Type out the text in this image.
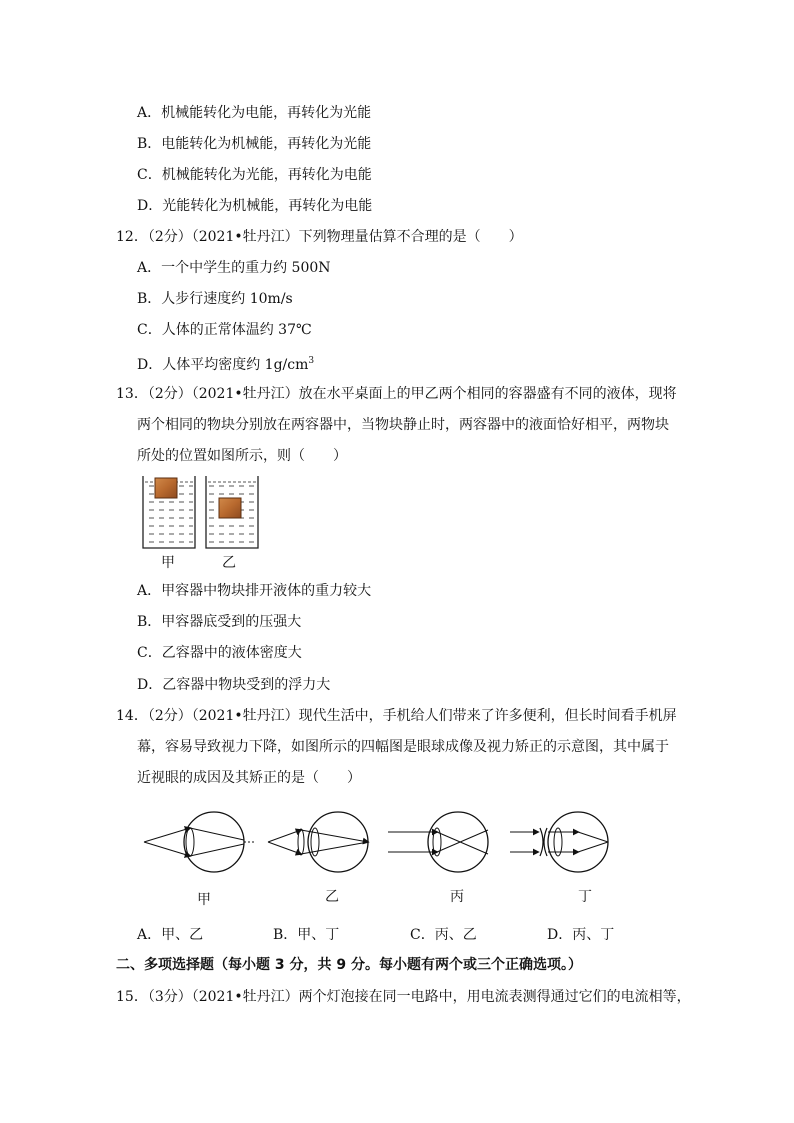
A．机械能转化为电能，再转化为光能
B．电能转化为机械能，再转化为光能
C．机械能转化为光能，再转化为电能
D．光能转化为机械能，再转化为电能
12．（2分）（2021•牡丹江）下列物理量估算不合理的是（　　）
A．一个中学生的重力约 500N
B．人步行速度约 10m/s
C．人体的正常体温约 37℃
D．人体平均密度约 $1g/cm^3$
13．（2分）（2021•牡丹江）放在水平桌面上的甲乙两个相同的容器盛有不同的液体，现将
两个相同的物块分别放在两容器中，当物块静止时，两容器中的液面恰好相平，两物块
所处的位置如图所示，则（　　）
甲	乙
A．甲容器中物块排开液体的重力较大
B．甲容器底受到的压强大
C．乙容器中的液体密度大
D．乙容器中物块受到的浮力大
14．（2分）（2021•牡丹江）现代生活中，手机给人们带来了许多便利，但长时间看手机屏
幕，容易导致视力下降，如图所示的四幅图是眼球成像及视力矫正的示意图，其中属于
近视眼的成因及其矫正的是（　　）
甲	乙	丙	丁
A．甲、乙	B．甲、丁	C．丙、乙	D．丙、丁
二、多项选择题（每小题 3 分，共 9 分。每小题有两个或三个正确选项。）
15．（3分）（2021•牡丹江）两个灯泡接在同一电路中，用电流表测得通过它们的电流相等，
